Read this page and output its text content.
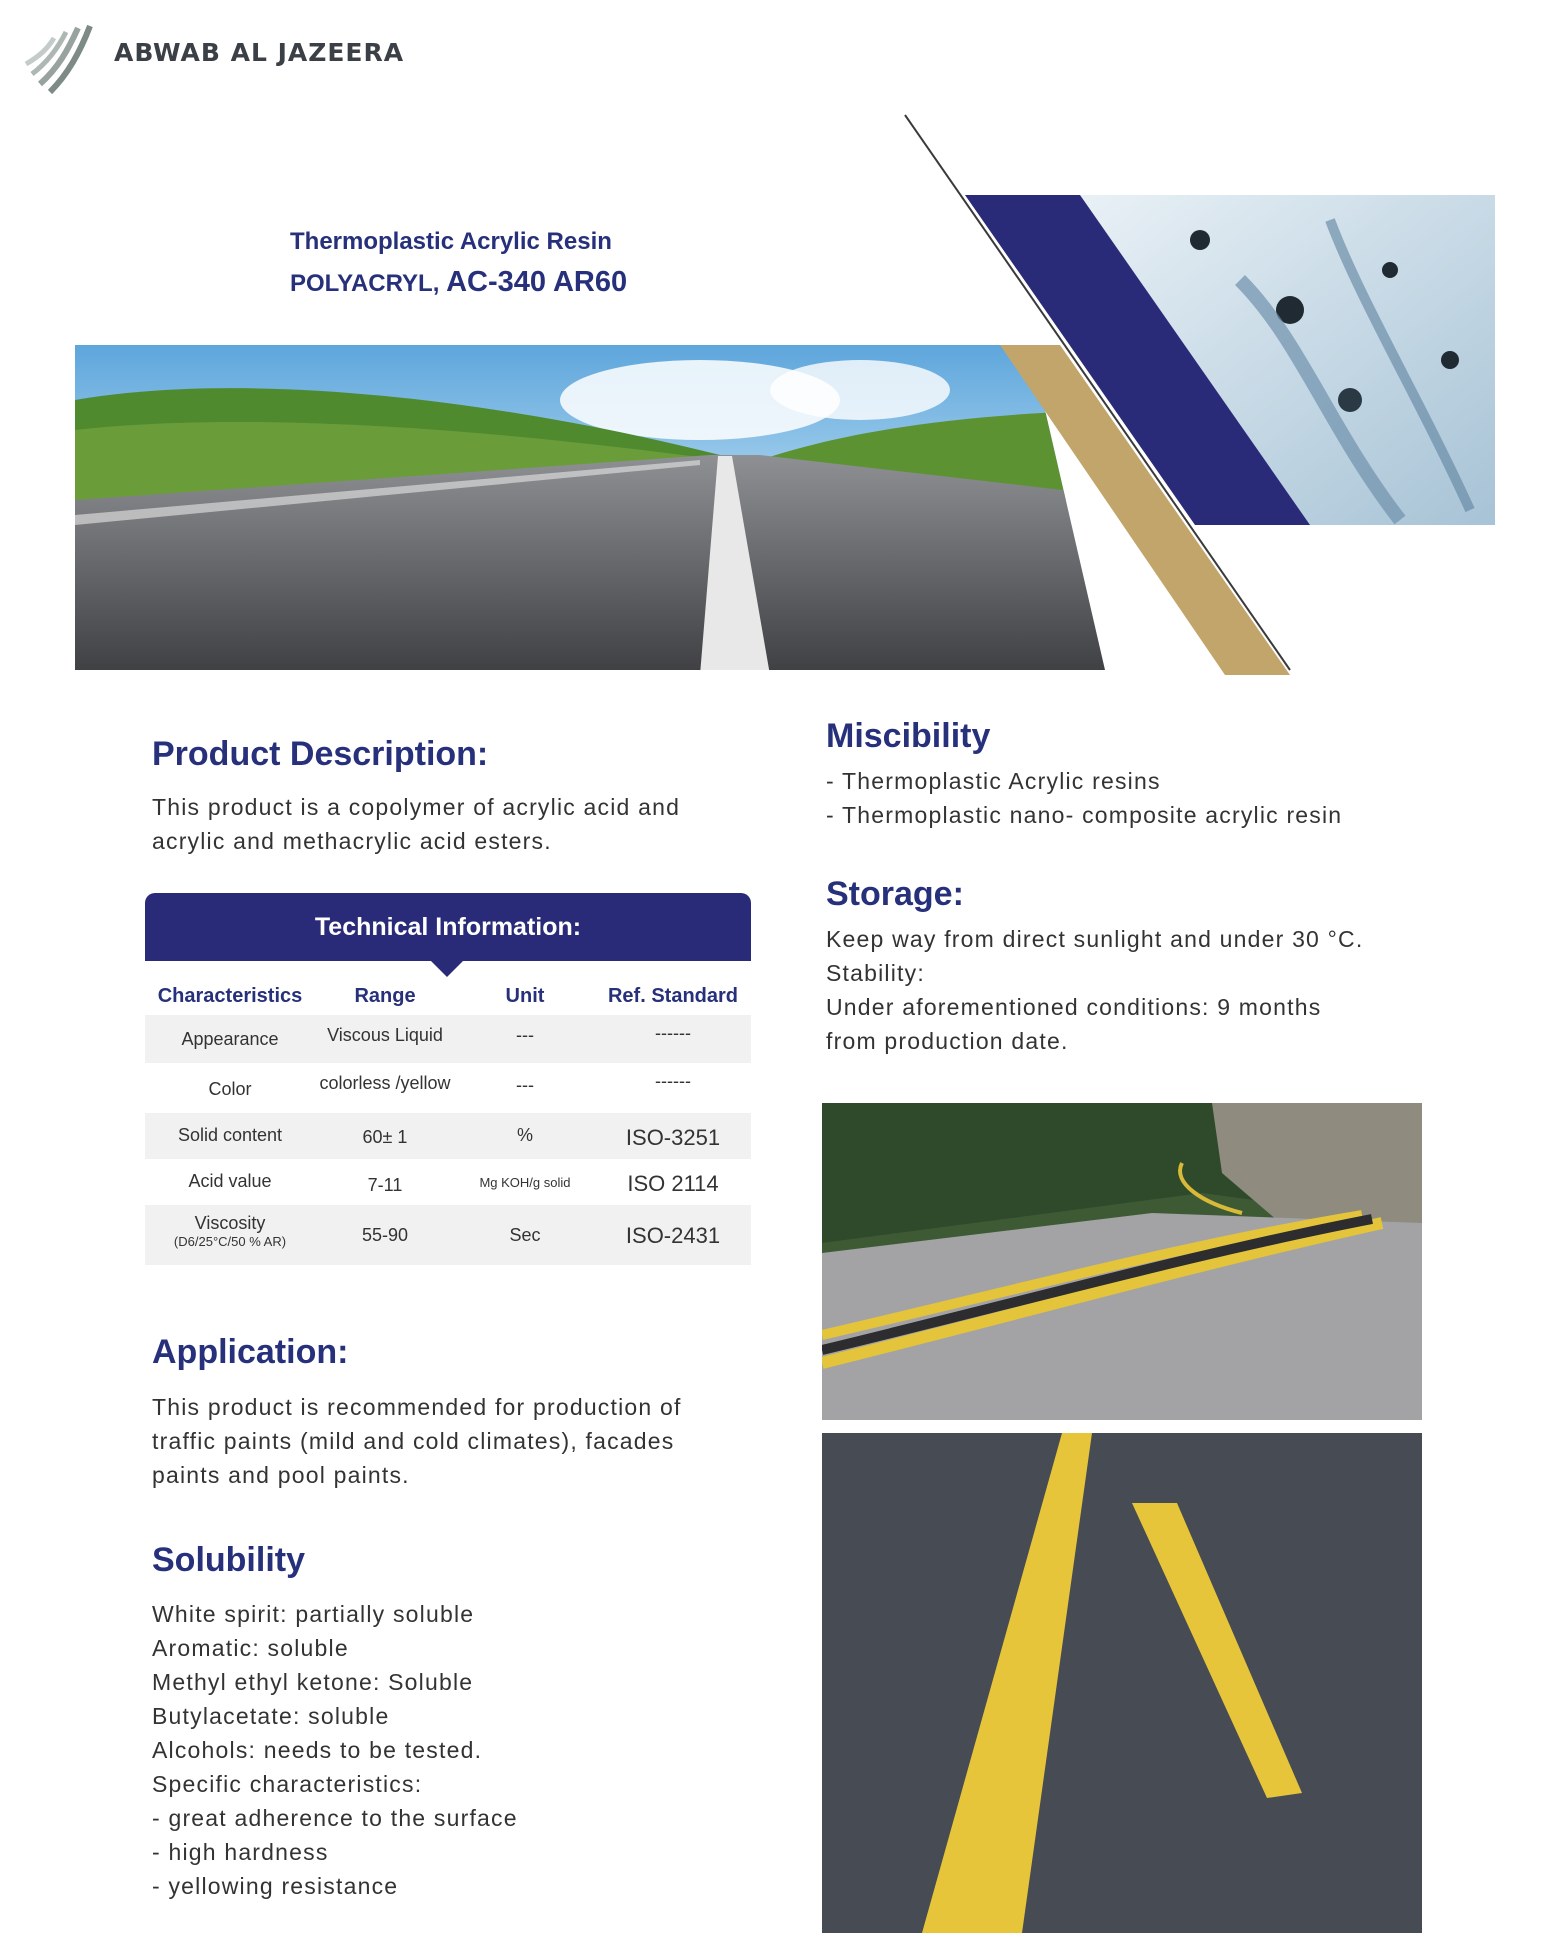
ABWAB AL JAZEERA
Thermoplastic Acrylic Resin
POLYACRYL, AC-340 AR60
Product Description:
This product is a copolymer of acrylic acid and acrylic and methacrylic acid esters.
Technical Information:
Characteristics	Range	Unit	Ref. Standard
Appearance	Viscous Liquid	---	------
Color	colorless /yellow	---	------
Solid content	60± 1	%	ISO-3251
Acid value	7-11	Mg KOH/g solid	ISO 2114
Viscosity
(D6/25°C/50 % AR)	55-90	Sec	ISO-2431
Application:
This product is recommended for production of
traffic paints (mild and cold climates), facades
paints and pool paints.
Solubility
White spirit: partially soluble
Aromatic: soluble
Methyl ethyl ketone: Soluble
Butylacetate: soluble
Alcohols: needs to be tested.
Specific characteristics:
- great adherence to the surface
- high hardness
- yellowing resistance
Miscibility
- Thermoplastic Acrylic resins
- Thermoplastic nano- composite acrylic resin
Storage:
Keep way from direct sunlight and under 30 °C.
Stability:
Under aforementioned conditions: 9 months
from production date.
